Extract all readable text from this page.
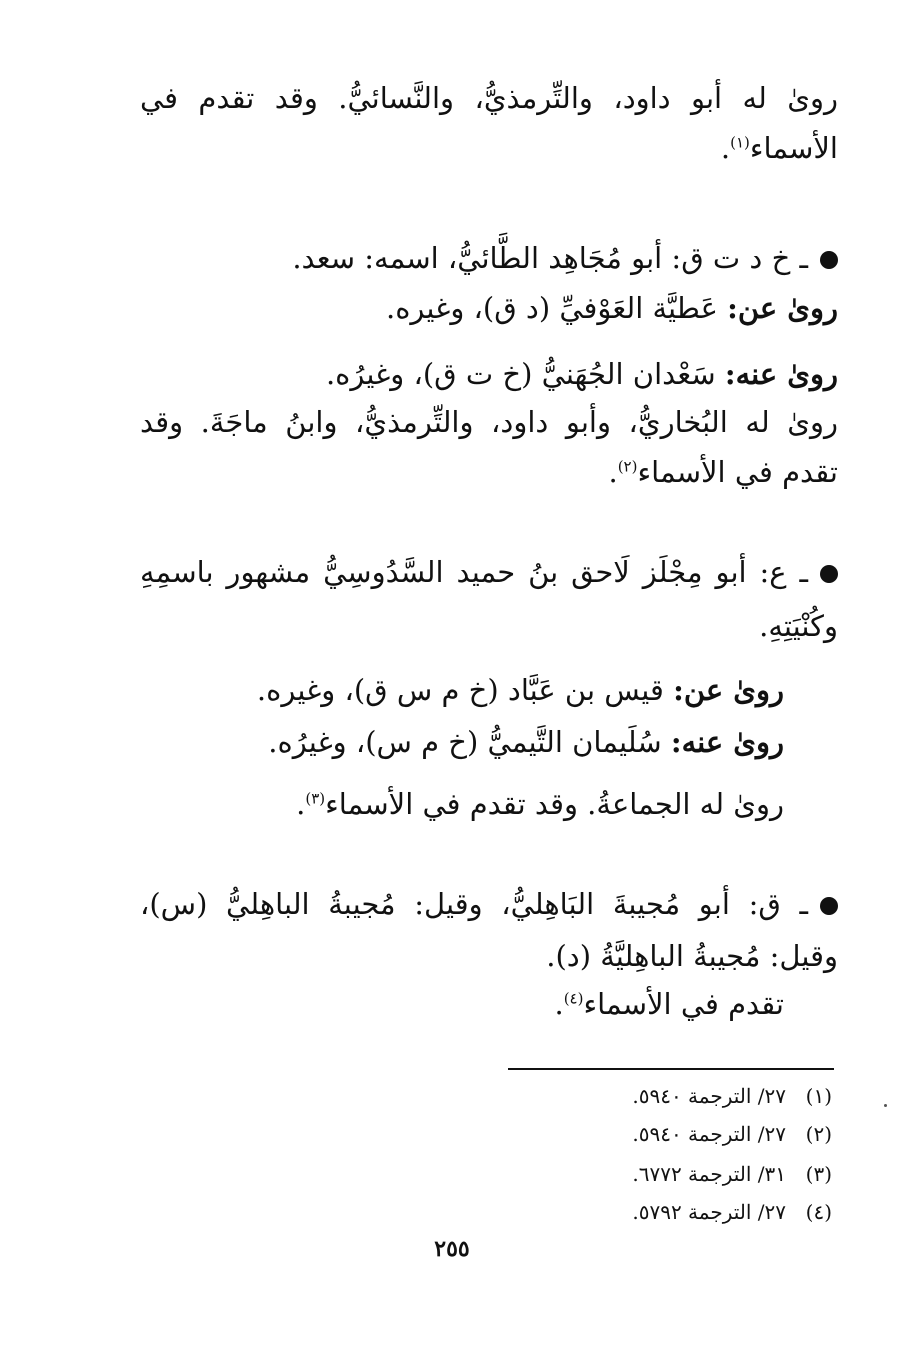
رویٰ له أبو داود، والتِّرمذيُّ، والنَّسائيُّ. وقد تقدم في
الأسماء$^{(١)}$.
ـ خ د ت ق: أبو مُجَاهِد الطَّائيُّ، اسمه: سعد.
رویٰ عن: عَطيَّة العَوْفيِّ (د ق)، وغيره.
رویٰ عنه: سَعْدان الجُهَنيُّ (خ ت ق)، وغيرُه.
رویٰ له البُخاريُّ، وأبو داود، والتِّرمذيُّ، وابنُ ماجَةَ. وقد
تقدم في الأسماء$^{(٢)}$.
ـ ع: أبو مِجْلَز لَاحق بنُ حميد السَّدُوسِيُّ مشهور باسمِهِ
وكُنْيَتِهِ.
رویٰ عن: قيس بن عَبَّاد (خ م س ق)، وغيره.
رویٰ عنه: سُلَيمان التَّيميُّ (خ م س)، وغيرُه.
رویٰ له الجماعةُ. وقد تقدم في الأسماء$^{(٣)}$.
ـ ق: أبو مُجيبةَ البَاهِليُّ، وقيل: مُجيبةُ الباهِليُّ (س)،
وقيل: مُجيبةُ الباهِليَّةُ (د).
تقدم في الأسماء$^{(٤)}$.
(١)٢٧/ الترجمة ٥٩٤٠.
(٢)٢٧/ الترجمة ٥٩٤٠.
(٣)٣١/ الترجمة ٦٧٧٢.
(٤)٢٧/ الترجمة ٥٧٩٢.
٢٥٥
